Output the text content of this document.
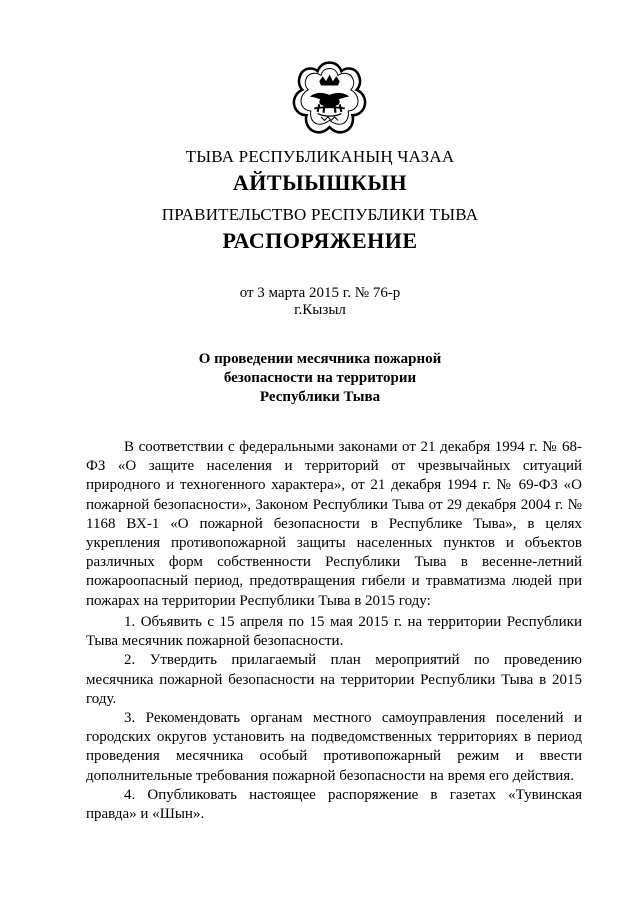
ТЫВА РЕСПУБЛИКАНЫҢ ЧАЗАА
АЙТЫЫШКЫН
ПРАВИТЕЛЬСТВО РЕСПУБЛИКИ ТЫВА
РАСПОРЯЖЕНИЕ
от 3 марта 2015 г. № 76-р
г.Кызыл
О проведении месячника пожарной
безопасности на территории
Республики Тыва

В соответствии с федеральными законами от 21 декабря 1994 г. № 68-ФЗ «О защите населения и территорий от чрезвычайных ситуаций природного и техногенного характера», от 21 декабря 1994 г. № 69-ФЗ «О пожарной безопасности», Законом Республики Тыва от 29 декабря 2004 г. № 1168 ВХ-1 «О пожарной безопасности в Республике Тыва», в целях укрепления противопожарной защиты населенных пунктов и объектов различных форм собственности Республики Тыва в весенне-летний пожароопасный период, предотвращения гибели и травматизма людей при пожарах на территории Республики Тыва в 2015 году:

1. Объявить с 15 апреля по 15 мая 2015 г. на территории Республики Тыва месячник пожарной безопасности.

2. Утвердить прилагаемый план мероприятий по проведению месячника пожарной безопасности на территории Республики Тыва в 2015 году.

3. Рекомендовать органам местного самоуправления поселений и городских округов установить на подведомственных территориях в период проведения месячника особый противопожарный режим и ввести дополнительные требования пожарной безопасности на время его действия.

4. Опубликовать настоящее распоряжение в газетах «Тувинская правда» и «Шын».
